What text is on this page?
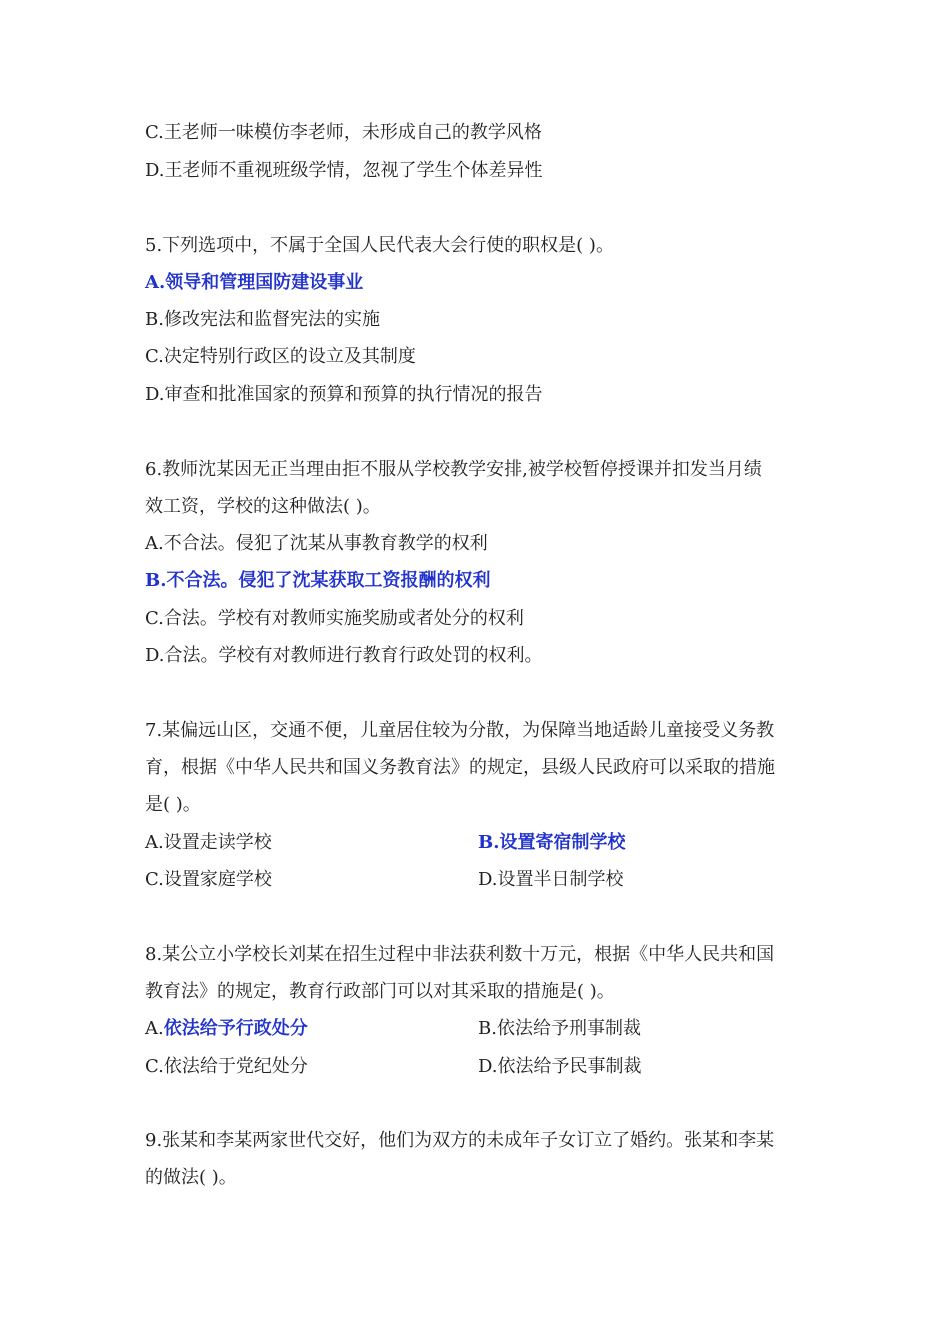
C.王老师一味模仿李老师，未形成自己的教学风格
D.王老师不重视班级学情，忽视了学生个体差异性
5.下列选项中，不属于全国人民代表大会行使的职权是( )。
A.领导和管理国防建设事业
B.修改宪法和监督宪法的实施
C.决定特别行政区的设立及其制度
D.审查和批准国家的预算和预算的执行情况的报告
6.教师沈某因无正当理由拒不服从学校教学安排,被学校暂停授课并扣发当月绩
效工资，学校的这种做法( )。
A.不合法。侵犯了沈某从事教育教学的权利
B.不合法。侵犯了沈某获取工资报酬的权利
C.合法。学校有对教师实施奖励或者处分的权利
D.合法。学校有对教师进行教育行政处罚的权利。
7.某偏远山区，交通不便，儿童居住较为分散，为保障当地适龄儿童接受义务教
育，根据《中华人民共和国义务教育法》的规定，县级人民政府可以采取的措施
是( )。
A.设置走读学校	B.设置寄宿制学校
C.设置家庭学校	D.设置半日制学校
8.某公立小学校长刘某在招生过程中非法获利数十万元，根据《中华人民共和国
教育法》的规定，教育行政部门可以对其采取的措施是( )。
A.依法给予行政处分	B.依法给予刑事制裁
C.依法给于党纪处分	D.依法给予民事制裁
9.张某和李某两家世代交好，他们为双方的未成年子女订立了婚约。张某和李某
的做法( )。
